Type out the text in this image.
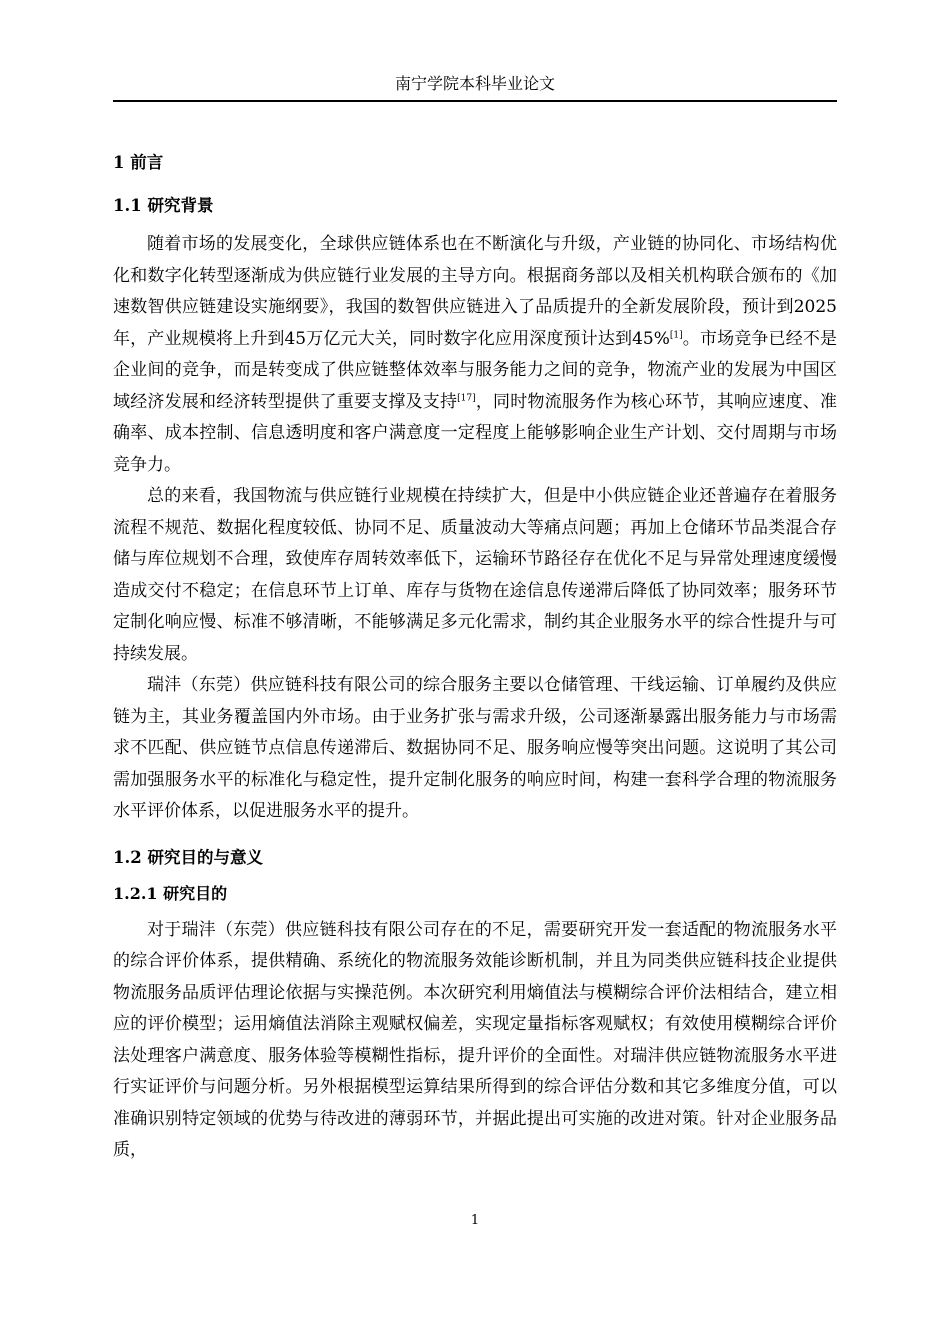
南宁学院本科毕业论文
1 前言
1.1 研究背景

随着市场的发展变化，全球供应链体系也在不断演化与升级，产业链的协同化、市场结构优化和数字化转型逐渐成为供应链行业发展的主导方向。根据商务部以及相关机构联合颁布的《加速数智供应链建设实施纲要》，我国的数智供应链进入了品质提升的全新发展阶段，预计到2025年，产业规模将上升到45万亿元大关，同时数字化应用深度预计达到45%[1]。市场竞争已经不是企业间的竞争，而是转变成了供应链整体效率与服务能力之间的竞争，物流产业的发展为中国区域经济发展和经济转型提供了重要支撑及支持[17]，同时物流服务作为核心环节，其响应速度、准确率、成本控制、信息透明度和客户满意度一定程度上能够影响企业生产计划、交付周期与市场竞争力。

总的来看，我国物流与供应链行业规模在持续扩大，但是中小供应链企业还普遍存在着服务流程不规范、数据化程度较低、协同不足、质量波动大等痛点问题；再加上仓储环节品类混合存储与库位规划不合理，致使库存周转效率低下，运输环节路径存在优化不足与异常处理速度缓慢造成交付不稳定；在信息环节上订单、库存与货物在途信息传递滞后降低了协同效率；服务环节定制化响应慢、标准不够清晰，不能够满足多元化需求，制约其企业服务水平的综合性提升与可持续发展。

瑞沣（东莞）供应链科技有限公司的综合服务主要以仓储管理、干线运输、订单履约及供应链为主，其业务覆盖国内外市场。由于业务扩张与需求升级，公司逐渐暴露出服务能力与市场需求不匹配、供应链节点信息传递滞后、数据协同不足、服务响应慢等突出问题。这说明了其公司需加强服务水平的标准化与稳定性，提升定制化服务的响应时间，构建一套科学合理的物流服务水平评价体系，以促进服务水平的提升。

1.2 研究目的与意义
1.2.1 研究目的

对于瑞沣（东莞）供应链科技有限公司存在的不足，需要研究开发一套适配的物流服务水平的综合评价体系，提供精确、系统化的物流服务效能诊断机制，并且为同类供应链科技企业提供物流服务品质评估理论依据与实操范例。本次研究利用熵值法与模糊综合评价法相结合，建立相应的评价模型；运用熵值法消除主观赋权偏差，实现定量指标客观赋权；有效使用模糊综合评价法处理客户满意度、服务体验等模糊性指标，提升评价的全面性。对瑞沣供应链物流服务水平进行实证评价与问题分析。另外根据模型运算结果所得到的综合评估分数和其它多维度分值，可以准确识别特定领域的优势与待改进的薄弱环节，并据此提出可实施的改进对策。针对企业服务品质，

1
